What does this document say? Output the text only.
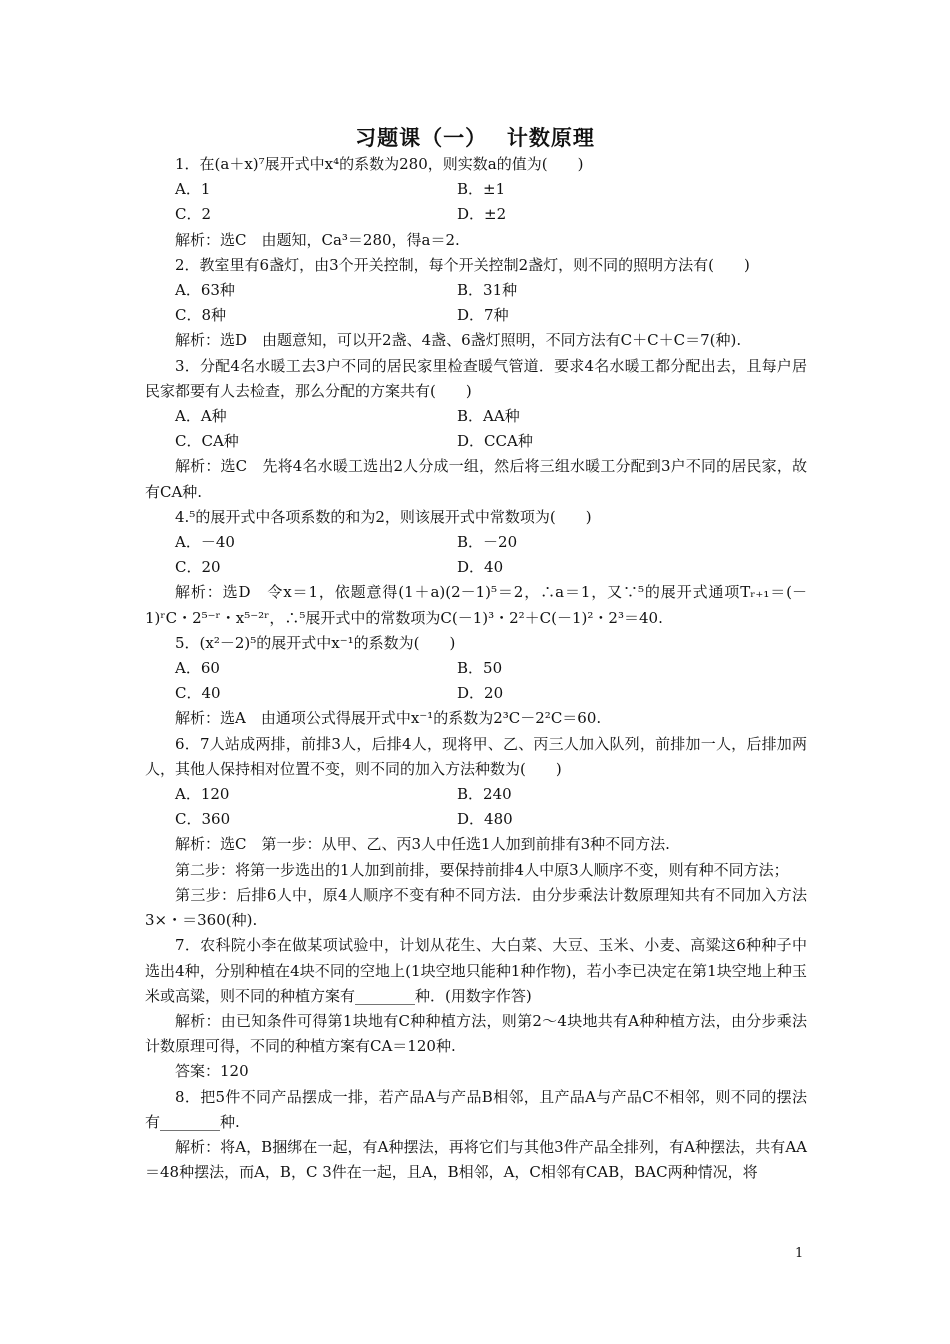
习题课（一）　 计数原理

1．在(a＋x)⁷展开式中x⁴的系数为280，则实数a的值为(　　)

A．1	B．±1
C．2	D．±2

解析：选C　由题知，Ca³＝280，得a＝2.

2．教室里有6盏灯，由3个开关控制，每个开关控制2盏灯，则不同的照明方法有(　　)

A．63种	B．31种
C．8种	D．7种

解析：选D　由题意知，可以开2盏、4盏、6盏灯照明，不同方法有C＋C＋C＝7(种).

3．分配4名水暖工去3户不同的居民家里检查暖气管道．要求4名水暖工都分配出去，且每户居民家都要有人去检查，那么分配的方案共有(　　)

A．A种	B．AA种
C．CA种	D．CCA种

解析：选C　先将4名水暖工选出2人分成一组，然后将三组水暖工分配到3户不同的居民家，故有CA种.

4.⁵的展开式中各项系数的和为2，则该展开式中常数项为(　　)

A．－40	B．－20
C．20	D．40

解析：选D　令x＝1，依题意得(1＋a)(2－1)⁵＝2，∴a＝1，又∵⁵的展开式通项Tᵣ₊₁＝(－1)ʳC・2⁵⁻ʳ・x⁵⁻²ʳ，∴⁵展开式中的常数项为C(－1)³・2²＋C(－1)²・2³＝40.

5．(x²－2)⁵的展开式中x⁻¹的系数为(　　)

A．60	B．50
C．40	D．20

解析：选A　由通项公式得展开式中x⁻¹的系数为2³C－2²C＝60.

6．7人站成两排，前排3人，后排4人，现将甲、乙、丙三人加入队列，前排加一人，后排加两人，其他人保持相对位置不变，则不同的加入方法种数为(　　)

A．120	B．240
C．360	D．480

解析：选C　第一步：从甲、乙、丙3人中任选1人加到前排有3种不同方法.

第二步：将第一步选出的1人加到前排，要保持前排4人中原3人顺序不变，则有种不同方法；

第三步：后排6人中，原4人顺序不变有种不同方法．由分步乘法计数原理知共有不同加入方法3×・＝360(种).

7．农科院小李在做某项试验中，计划从花生、大白菜、大豆、玉米、小麦、高粱这6种种子中选出4种，分别种植在4块不同的空地上(1块空地只能种1种作物)，若小李已决定在第1块空地上种玉米或高粱，则不同的种植方案有________种．(用数字作答)

解析：由已知条件可得第1块地有C种种植方法，则第2～4块地共有A种种植方法，由分步乘法计数原理可得，不同的种植方案有CA＝120种.

答案：120

8．把5件不同产品摆成一排，若产品A与产品B相邻，且产品A与产品C不相邻，则不同的摆法有________种.

解析：将A，B捆绑在一起，有A种摆法，再将它们与其他3件产品全排列，有A种摆法，共有AA＝48种摆法，而A，B，C 3件在一起，且A，B相邻，A，C相邻有CAB，BAC两种情况，将

1
